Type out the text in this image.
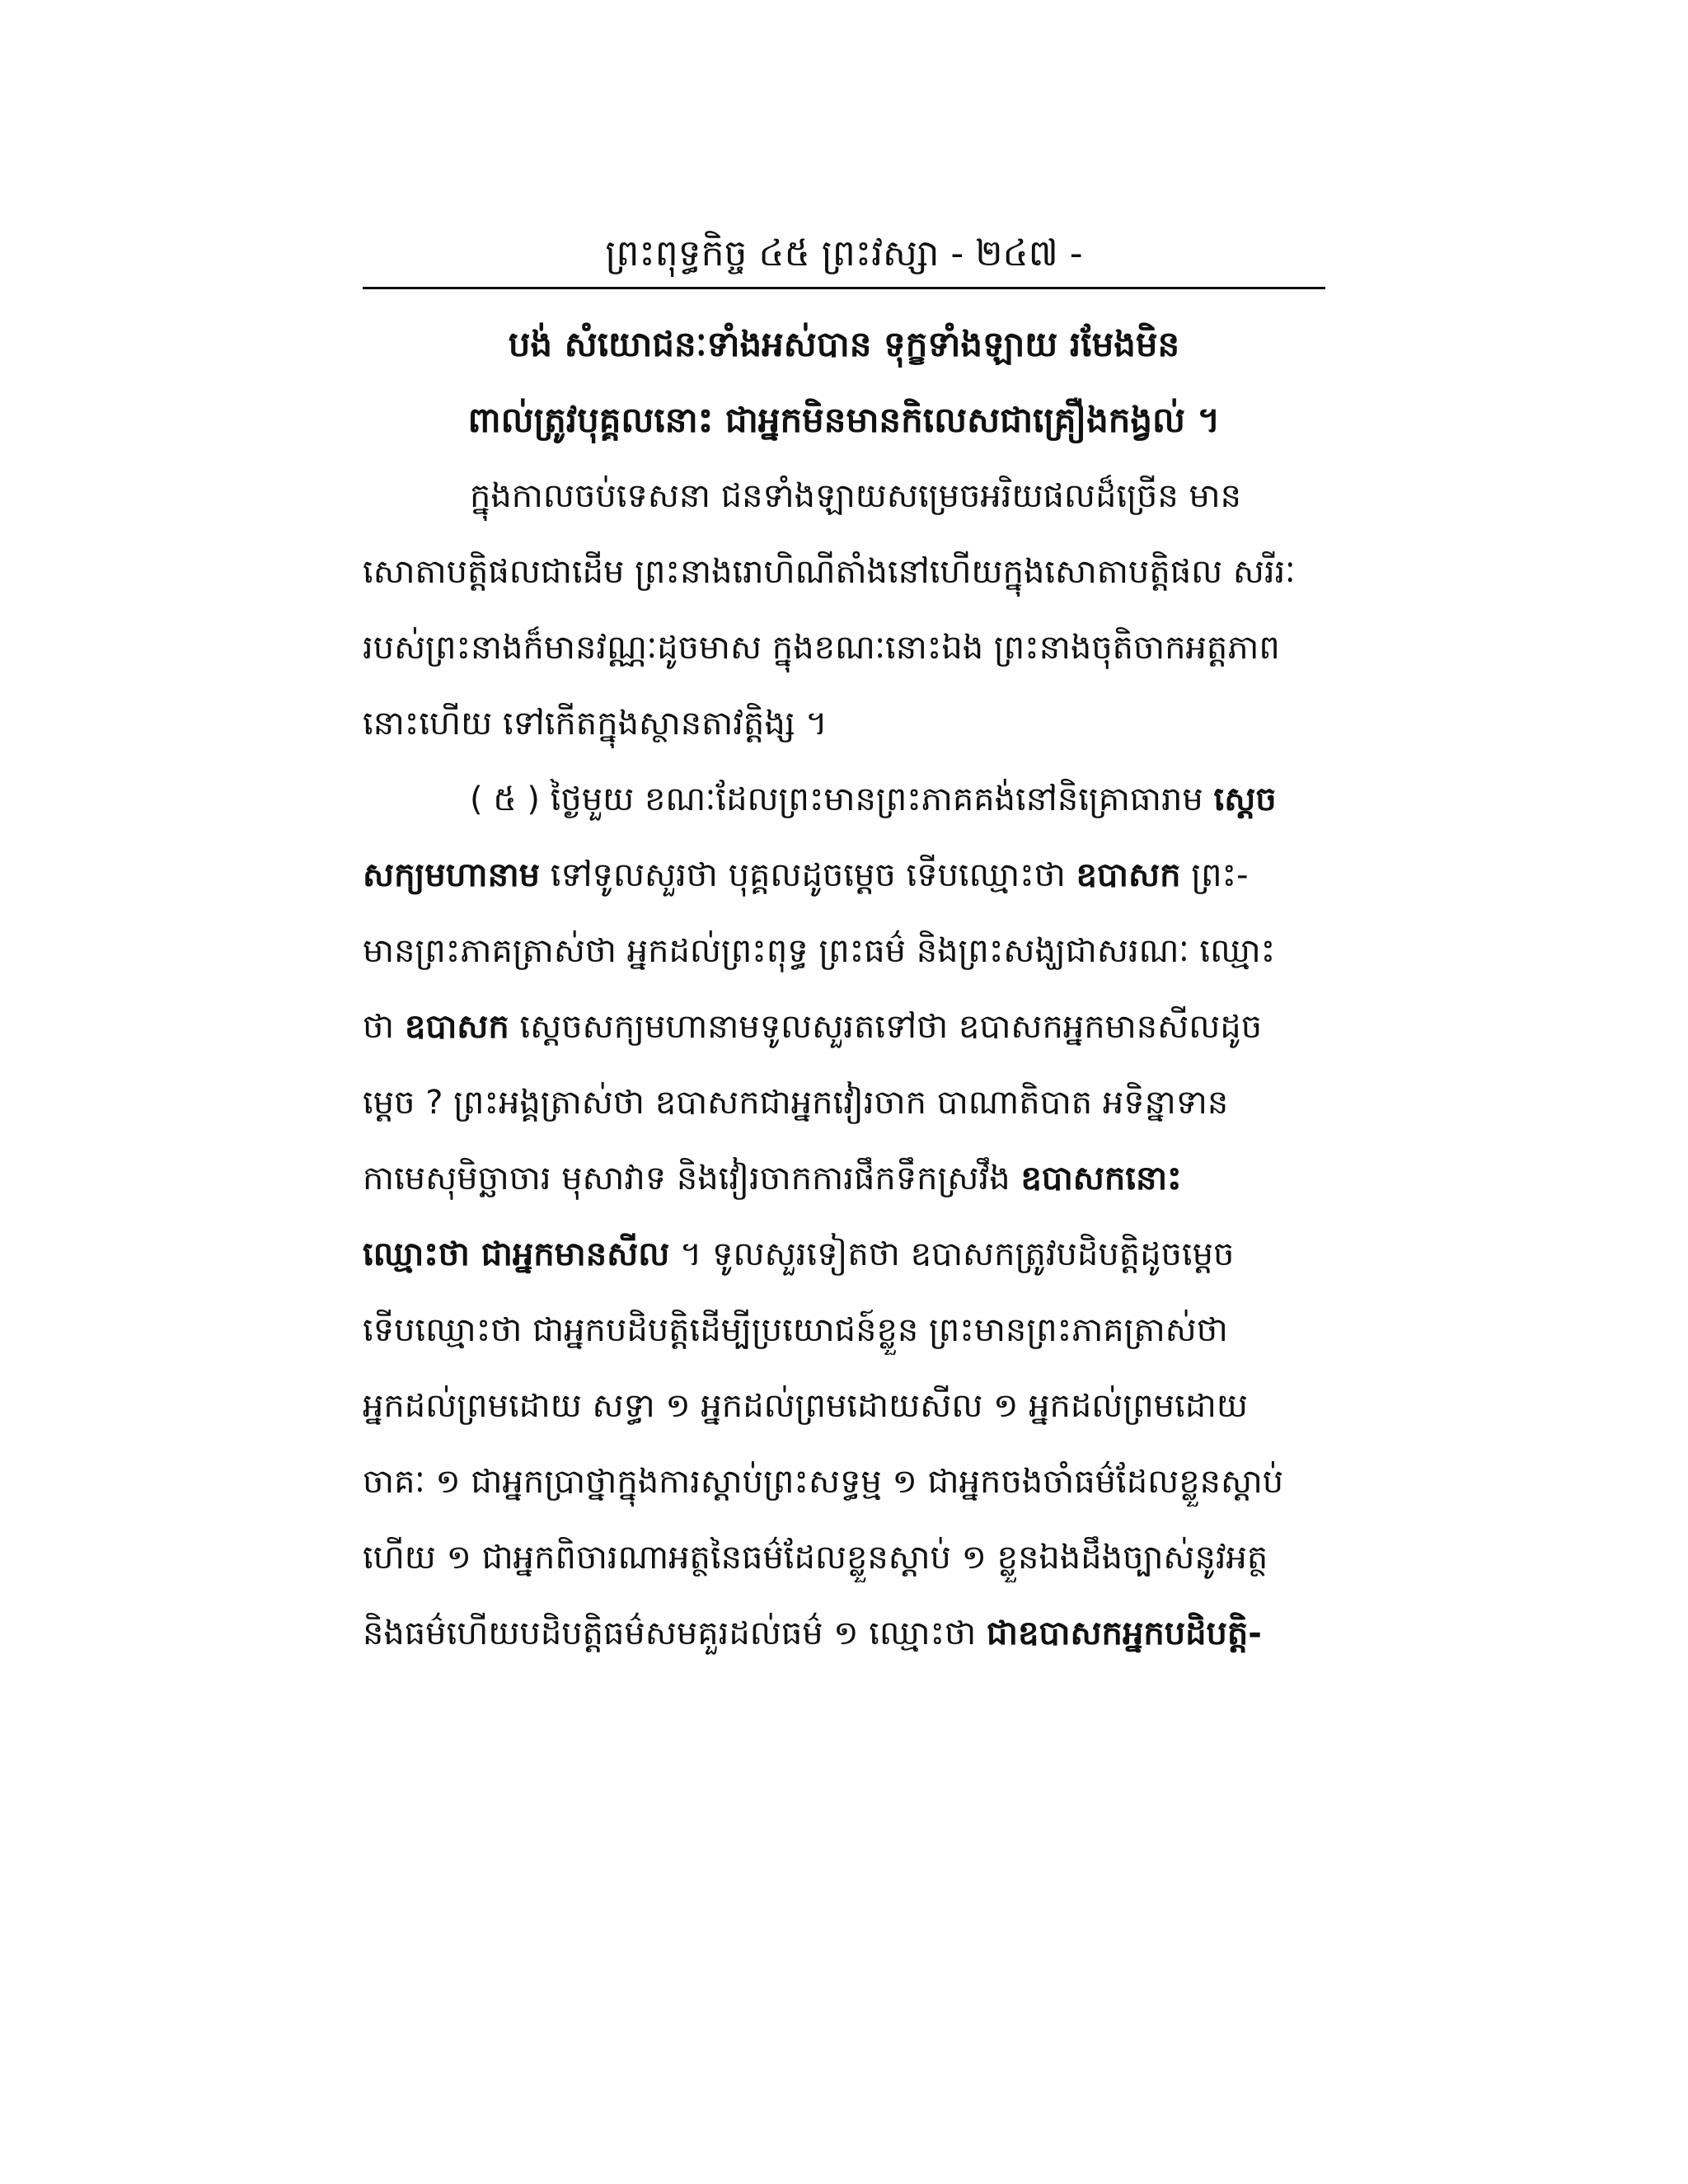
ព្រះពុទ្ធកិច្ច ៤៥ ព្រះវស្សា - ២៤៧ -
បង់ សំយោជនៈទាំងអស់បាន ទុក្ខទាំងឡាយ រមែងមិន
ពាល់ត្រូវបុគ្គលនោះ ជាអ្នកមិនមានកិលេសជាគ្រឿងកង្វល់ ។
ក្នុងកាលចប់ទេសនា ជនទាំងឡាយសម្រេចអរិយផលដ៏ច្រើន មាន
សោតាបត្តិផលជាដើម ព្រះនាងរោហិណីតាំងនៅហើយក្នុងសោតាបត្តិផល សរីរៈ
របស់ព្រះនាងក៏មានវណ្ណៈដូចមាស ក្នុងខណៈនោះឯង ព្រះនាងចុតិចាកអត្តភាព
នោះហើយ ទៅកើតក្នុងស្ថានតាវត្តិង្ស ។
( ៥ ) ថ្ងៃមួយ ខណៈដែលព្រះមានព្រះភាគគង់នៅនិគ្រោធារាម ស្ដេច
សក្យមហានាម ទៅទូលសួរថា បុគ្គលដូចម្ដេច ទើបឈ្មោះថា ឧបាសក ព្រះ-
មានព្រះភាគត្រាស់ថា អ្នកដល់ព្រះពុទ្ធ ព្រះធម៌ និងព្រះសង្ឃជាសរណៈ ឈ្មោះ
ថា ឧបាសក ស្ដេចសក្យមហានាមទូលសួរតទៅថា ឧបាសកអ្នកមានសីលដូច
ម្ដេច ? ព្រះអង្គត្រាស់ថា ឧបាសកជាអ្នកវៀរចាក បាណាតិបាត អទិន្នាទាន
កាមេសុមិច្ឆាចារ មុសាវាទ និងវៀរចាកការផឹកទឹកស្រវឹង ឧបាសកនោះ
ឈ្មោះថា ជាអ្នកមានសីល ។ ទូលសួរទៀតថា ឧបាសកត្រូវបដិបត្តិដូចម្ដេច
ទើបឈ្មោះថា ជាអ្នកបដិបត្តិដើម្បីប្រយោជន៍ខ្លួន ព្រះមានព្រះភាគត្រាស់ថា
អ្នកដល់ព្រមដោយ សទ្ធា ១ អ្នកដល់ព្រមដោយសីល ១ អ្នកដល់ព្រមដោយ
ចាគៈ ១ ជាអ្នកប្រាថ្នាក្នុងការស្ដាប់ព្រះសទ្ធម្ម ១ ជាអ្នកចងចាំធម៌ដែលខ្លួនស្ដាប់
ហើយ ១ ជាអ្នកពិចារណាអត្ថនៃធម៌ដែលខ្លួនស្ដាប់ ១ ខ្លួនឯងដឹងច្បាស់នូវអត្ថ
និងធម៌ហើយបដិបត្តិធម៌សមគួរដល់ធម៌ ១ ឈ្មោះថា ជាឧបាសកអ្នកបដិបត្តិ-
